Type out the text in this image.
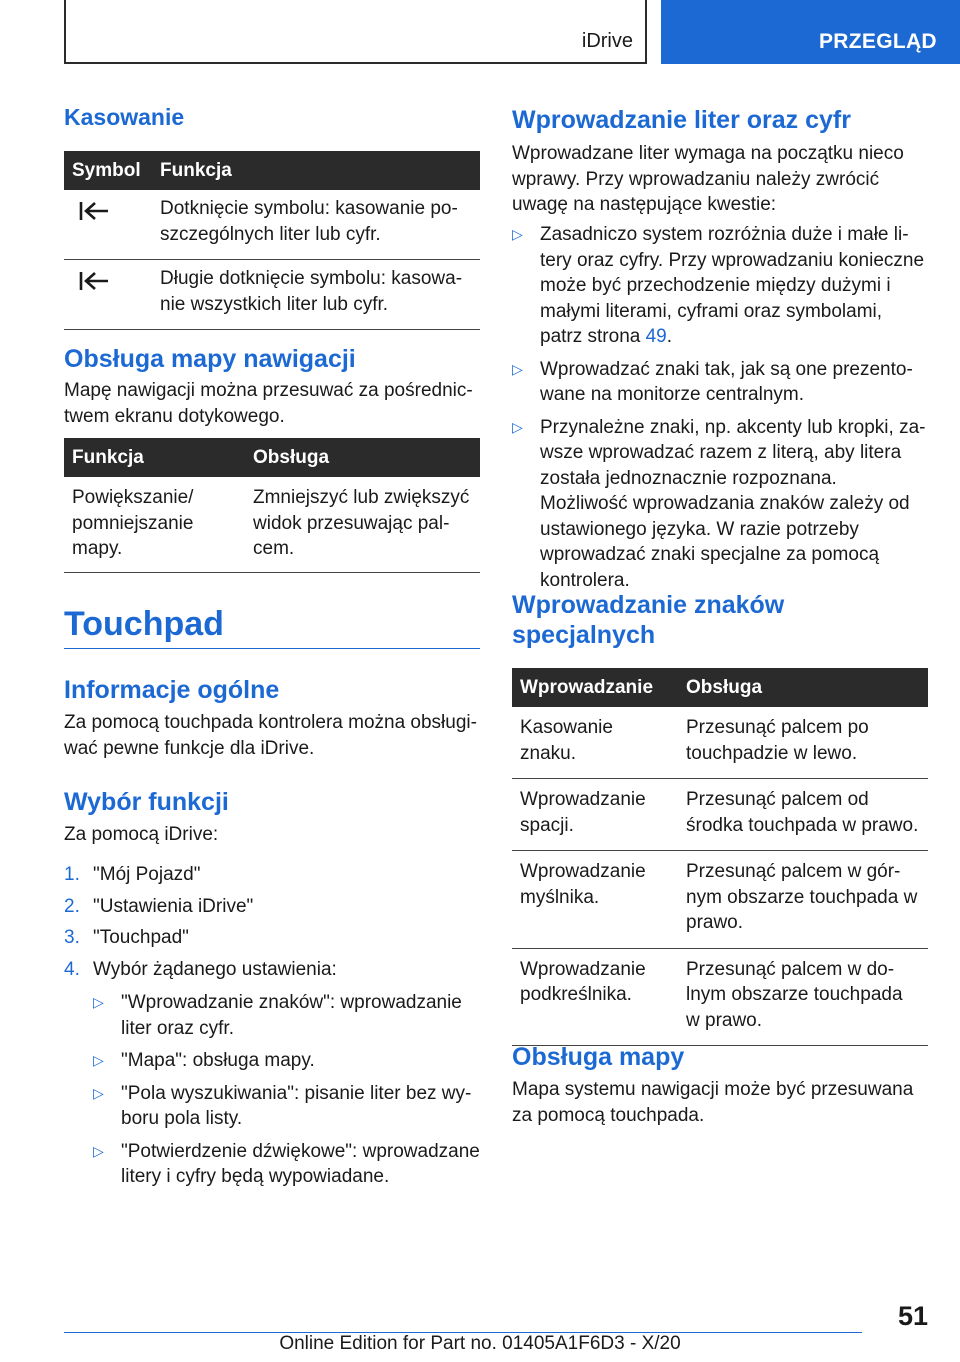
iDrive	PRZEGLĄD
Kasowanie
Symbol	Funkcja
	Dotknięcie symbolu: kasowanie poszczególnych liter lub cyfr.
	Długie dotknięcie symbolu: kasowanie wszystkich liter lub cyfr.
Obsługa mapy nawigacji

Mapę nawigacji można przesuwać za pośrednictwem ekranu dotykowego.

Funkcja	Obsługa
Powiększanie/ pomniejszanie mapy.	Zmniejszyć lub zwiększyć widok przesuwając palcem.
Touchpad
Informacje ogólne

Za pomocą touchpada kontrolera można obsługiwać pewne funkcje dla iDrive.

Wybór funkcji

Za pomocą iDrive:

1. "Mój Pojazd"
2. "Ustawienia iDrive"
3. "Touchpad"
4. Wybór żądanego ustawienia:
▷ "Wprowadzanie znaków": wprowadzanie liter oraz cyfr.
▷ "Mapa": obsługa mapy.
▷ "Pola wyszukiwania": pisanie liter bez wyboru pola listy.
▷ "Potwierdzenie dźwiękowe": wprowadzane litery i cyfry będą wypowiadane.
Wprowadzanie liter oraz cyfr

Wprowadzane liter wymaga na początku nieco wprawy. Przy wprowadzaniu należy zwrócić uwagę na następujące kwestie:

▷ Zasadniczo system rozróżnia duże i małe litery oraz cyfry. Przy wprowadzaniu konieczne może być przechodzenie między dużymi i małymi literami, cyframi oraz symbolami, patrz strona 49.
▷ Wprowadzać znaki tak, jak są one prezentowane na monitorze centralnym.
▷ Przynależne znaki, np. akcenty lub kropki, zawsze wprowadzać razem z literą, aby litera została jednoznacznie rozpoznana. Możliwość wprowadzania znaków zależy od ustawionego języka. W razie potrzeby wprowadzać znaki specjalne za pomocą kontrolera.
Wprowadzanie znaków specjalnych
Wprowadzanie	Obsługa
Kasowanie znaku.	Przesunąć palcem po touchpadzie w lewo.
Wprowadzanie spacji.	Przesunąć palcem od środka touchpada w prawo.
Wprowadzanie myślnika.	Przesunąć palcem w górnym obszarze touchpada w prawo.
Wprowadzanie podkreślnika.	Przesunąć palcem w dolnym obszarze touchpada w prawo.
Obsługa mapy

Mapa systemu nawigacji może być przesuwana za pomocą touchpada.

51
Online Edition for Part no. 01405A1F6D3 - X/20
